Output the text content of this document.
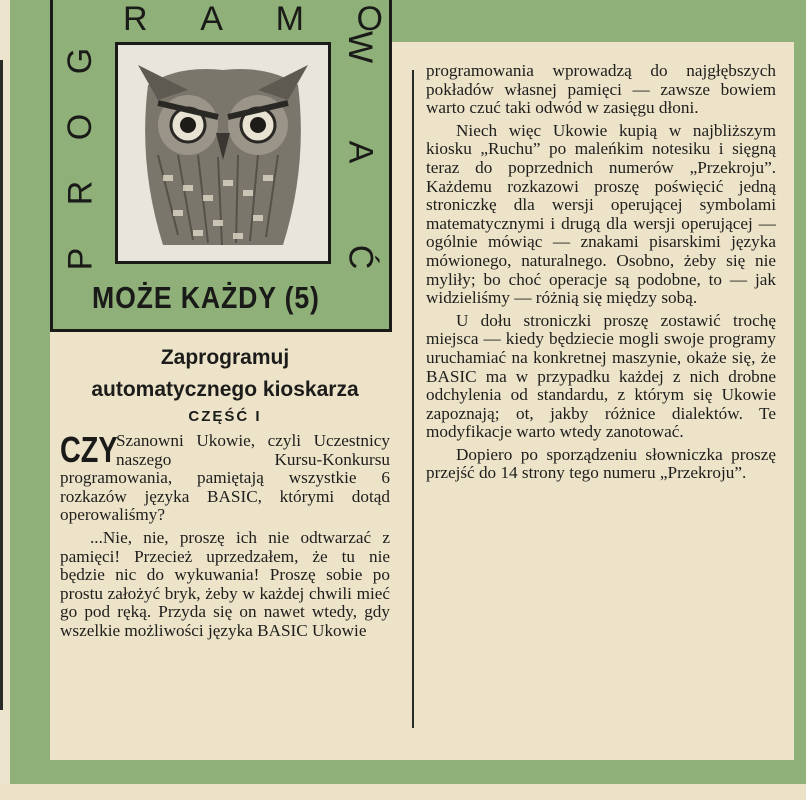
R A M O
P
R
O
G	W
A
Ć
MOŻE KAŻDY (5)
Zaprogramuj
automatycznego kioskarza
CZĘŚĆ I

CZY
Szanowni Ukowie, czyli Uczestnicy naszego Kursu-Konkursu programowania, pamiętają wszystkie 6 rozkazów języka BASIC, którymi dotąd operowaliśmy?

...Nie, nie, proszę ich nie odtwarzać z pamięci! Przecież uprzedzałem, że tu nie będzie nic do wykuwania! Proszę sobie po prostu założyć bryk, żeby w każdej chwili mieć go pod ręką. Przyda się on nawet wtedy, gdy wszelkie możliwości języka BASIC Ukowie

programowania wprowadzą do najgłębszych pokładów własnej pamięci — zawsze bowiem warto czuć taki odwód w zasięgu dłoni.

Niech więc Ukowie kupią w najbliższym kiosku „Ruchu” po maleńkim notesiku i sięgną teraz do poprzednich numerów „Przekroju”. Każdemu rozkazowi proszę poświęcić jedną stroniczkę dla wersji operującej symbolami matematycznymi i drugą dla wersji operującej — ogólnie mówiąc — znakami pisarskimi języka mówionego, naturalnego. Osobno, żeby się nie myliły; bo choć operacje są podobne, to — jak widzieliśmy — różnią się między sobą.

U dołu stroniczki proszę zostawić trochę miejsca — kiedy będziecie mogli swoje programy uruchamiać na konkretnej maszynie, okaże się, że BASIC ma w przypadku każdej z nich drobne odchylenia od standardu, z którym się Ukowie zapoznają; ot, jakby różnice dialektów. Te modyfikacje warto wtedy zanotować.

Dopiero po sporządzeniu słowniczka proszę przejść do 14 strony tego numeru „Przekroju”.
